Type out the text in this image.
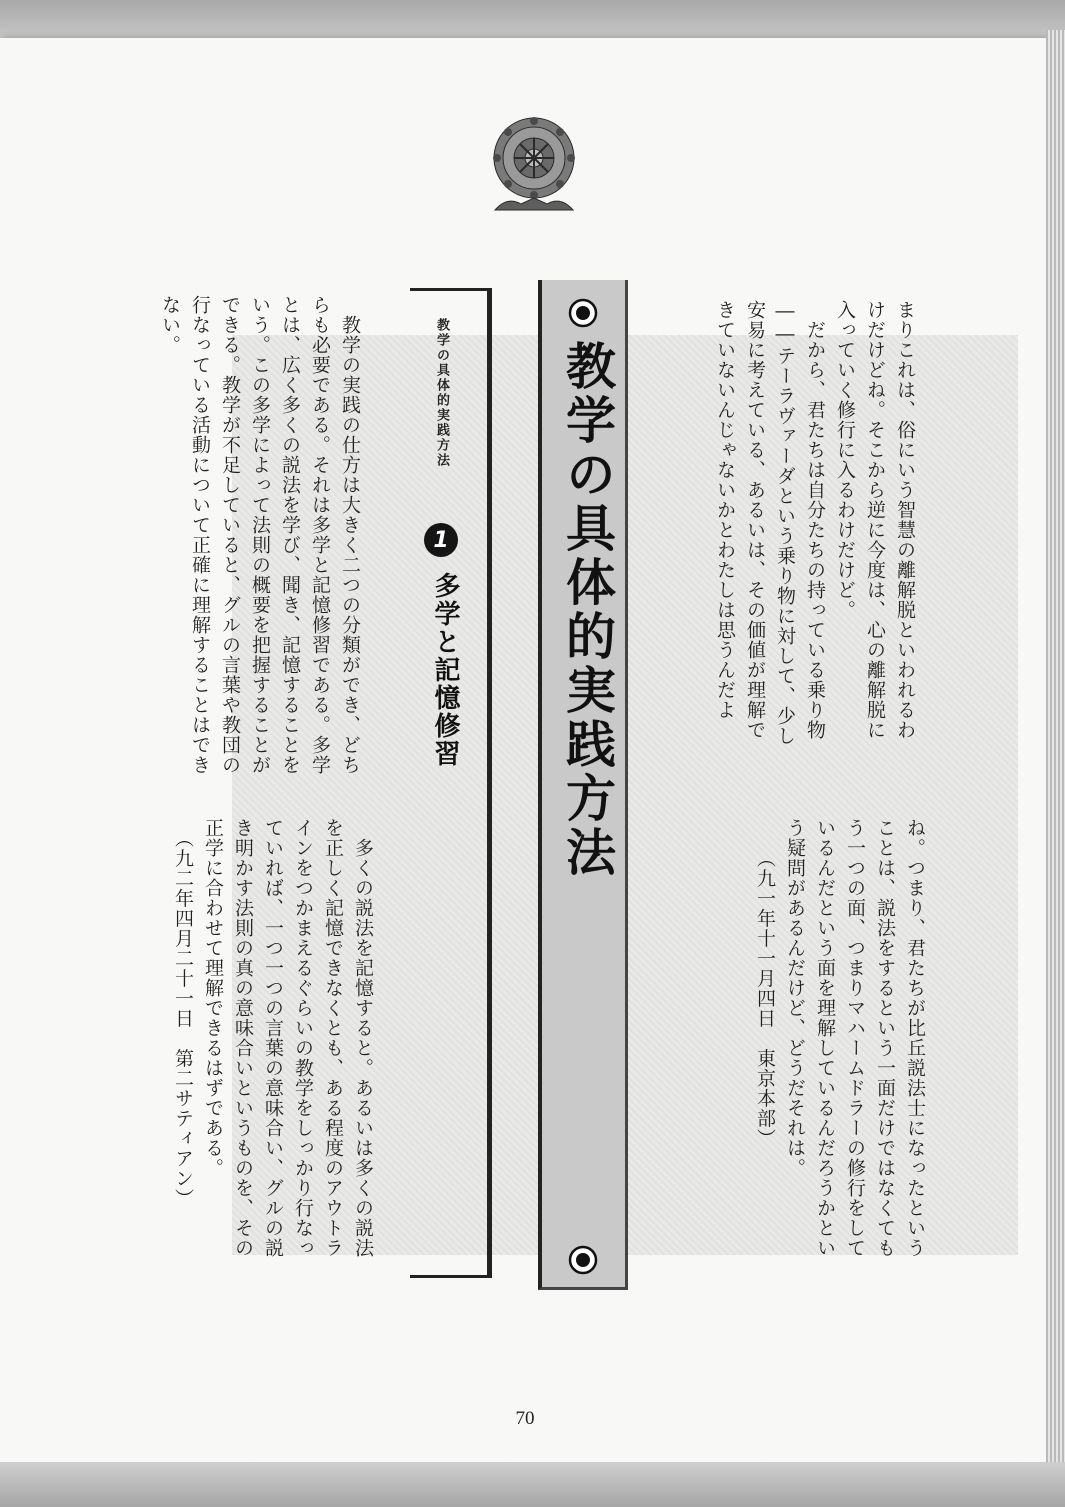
まりこれは、俗にいう智慧の離解脱といわれるわ
けだけどね。そこから逆に今度は、心の離解脱に
入っていく修行に入るわけだけど。
　だから、君たちは自分たちの持っている乗り物
――テーラヴァーダという乗り物に対して、少し
安易に考えている、あるいは、その価値が理解で
きていないんじゃないかとわたしは思うんだよ

ね。つまり、君たちが比丘説法士になったという
ことは、説法をするという一面だけではなくても
う一つの面、つまりマハームドラーの修行をして
いるんだという面を理解しているんだろうかとい
う疑問があるんだけど、どうだそれは。
　　（九一年十一月四日　東京本部）

教学の具体的実践方法
教学の具体的実践方法
1
多学と記憶修習

　教学の実践の仕方は大きく二つの分類ができ、どち
らも必要である。それは多学と記憶修習である。多学
とは、広く多くの説法を学び、聞き、記憶することを
いう。この多学によって法則の概要を把握することが
できる。教学が不足していると、グルの言葉や教団の
行なっている活動について正確に理解することはでき
ない。

　多くの説法を記憶すると。あるいは多くの説法
を正しく記憶できなくとも、ある程度のアウトラ
インをつかまえるぐらいの教学をしっかり行なっ
ていれば、一つ一つの言葉の意味合い、グルの説
き明かす法則の真の意味合いというものを、その
正学に合わせて理解できるはずである。
　（九二年四月二十一日　第二サティアン）

70
